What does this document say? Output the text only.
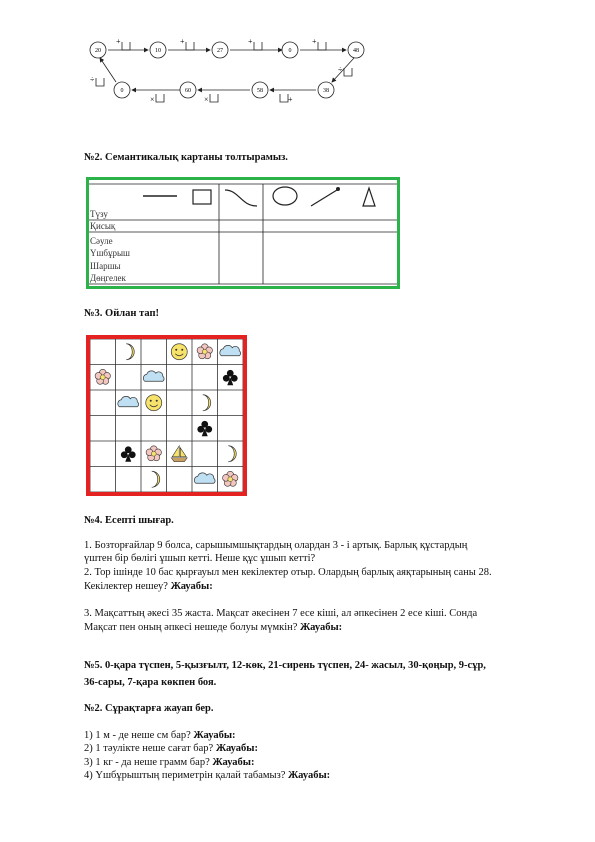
+	+	+	+
÷
×	×	+
÷
20	10	27	0	48
0	60	58	38
№2. Семантикалық картаны толтырамыз.
Түзу
Қисық
Сәуле
Үшбұрыш
Шаршы
Дөңгелек
№3. Ойлан тап!
№4. Есепті шығар.
1. Бозторғайлар 9 болса, сарышымшықтардың олардан 3 - і артық. Барлық құстардың
үштен бір бөлігі ұшып кетті. Неше құс ұшып кетті?
2. Тор ішінде 10 бас қырғауыл мен кекілектер отыр. Олардың барлық аяқтарының саны 28.
Кекілектер нешеу? Жауабы:
3. Мақсаттың әкесі 35 жаста. Мақсат әкесінен 7 есе кіші, ал әпкесінен 2 есе кіші. Сонда
Мақсат пен оның әпкесі нешеде болуы мүмкін? Жауабы:
№5. 0-қара түспен, 5-қызғылт, 12-көк, 21-сирень түспен, 24- жасыл, 30-қоңыр, 9-сұр,
36-сары, 7-қара көкпен боя.
№2. Сұрақтарға жауап бер.
1) 1 м - де неше см бар? Жауабы:
2) 1 тәулікте неше сағат бар? Жауабы:
3) 1 кг - да неше грамм бар? Жауабы:
4) Үшбұрыштың периметрін қалай табамыз? Жауабы:
